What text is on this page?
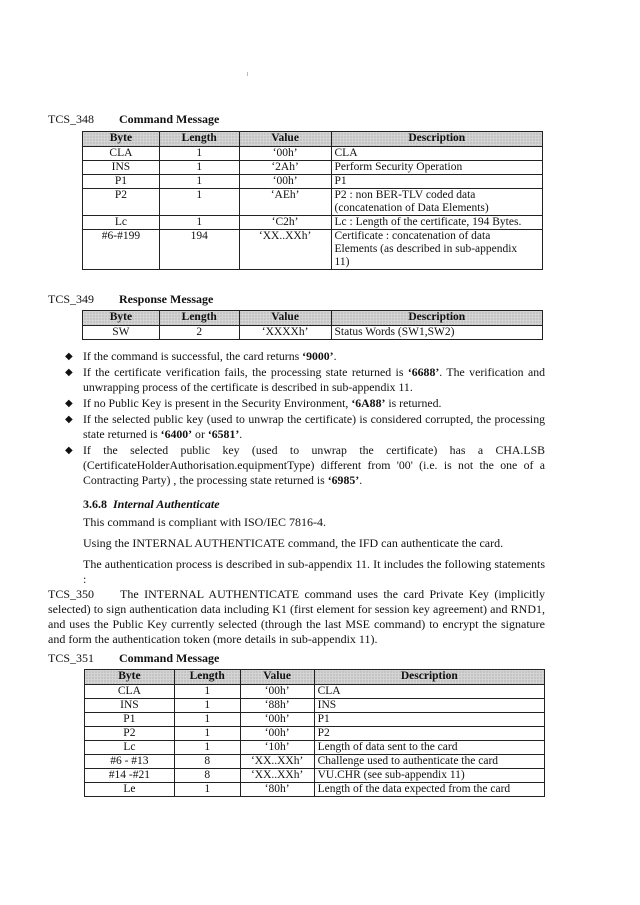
TCS_348 Command Message
Byte	Length	Value	Description
CLA	1	‘00h’	CLA

INS	1	‘2Ah’	Perform Security Operation

P1	1	‘00h’	P1

P2	1	‘AEh’	P2 : non BER-TLV coded data
(concatenation of Data Elements)

Lc	1	‘C2h’	Lc : Length of the certificate, 194 Bytes.

#6-#199	194	‘XX..XXh’	Certificate : concatenation of data
Elements (as described in sub-appendix
11)
TCS_349 Response Message
Byte	Length	Value	Description
SW	2	‘XXXXh’	Status Words (SW1,SW2)
◆ If the command is successful, the card returns ‘9000’.
◆ If the certificate verification fails, the processing state returned is ‘6688’. The verification and unwrapping process of the certificate is described in sub-appendix 11.
◆ If no Public Key is present in the Security Environment, ‘6A88’ is returned.
◆ If the selected public key (used to unwrap the certificate) is considered corrupted, the processing state returned is ‘6400’ or ‘6581’.
◆ If the selected public key (used to unwrap the certificate) has a CHA.LSB (CertificateHolderAuthorisation.equipmentType) different from '00' (i.e. is not the one of a Contracting Party) , the processing state returned is ‘6985’.
3.6.8 Internal Authenticate
This command is compliant with ISO/IEC 7816-4.
Using the INTERNAL AUTHENTICATE command, the IFD can authenticate the card.
The authentication process is described in sub-appendix 11. It includes the following statements :
TCS_350 The INTERNAL AUTHENTICATE command uses the card Private Key (implicitly selected) to sign authentication data including K1 (first element for session key agreement) and RND1, and uses the Public Key currently selected (through the last MSE command) to encrypt the signature and form the authentication token (more details in sub-appendix 11).
TCS_351 Command Message
Byte	Length	Value	Description
CLA	1	‘00h’	CLA

INS	1	‘88h’	INS

P1	1	‘00h’	P1

P2	1	‘00h’	P2

Lc	1	‘10h’	Length of data sent to the card

#6 - #13	8	‘XX..XXh’	Challenge used to authenticate the card

#14 -#21	8	‘XX..XXh’	VU.CHR (see sub-appendix 11)

Le	1	‘80h’	Length of the data expected from the card
